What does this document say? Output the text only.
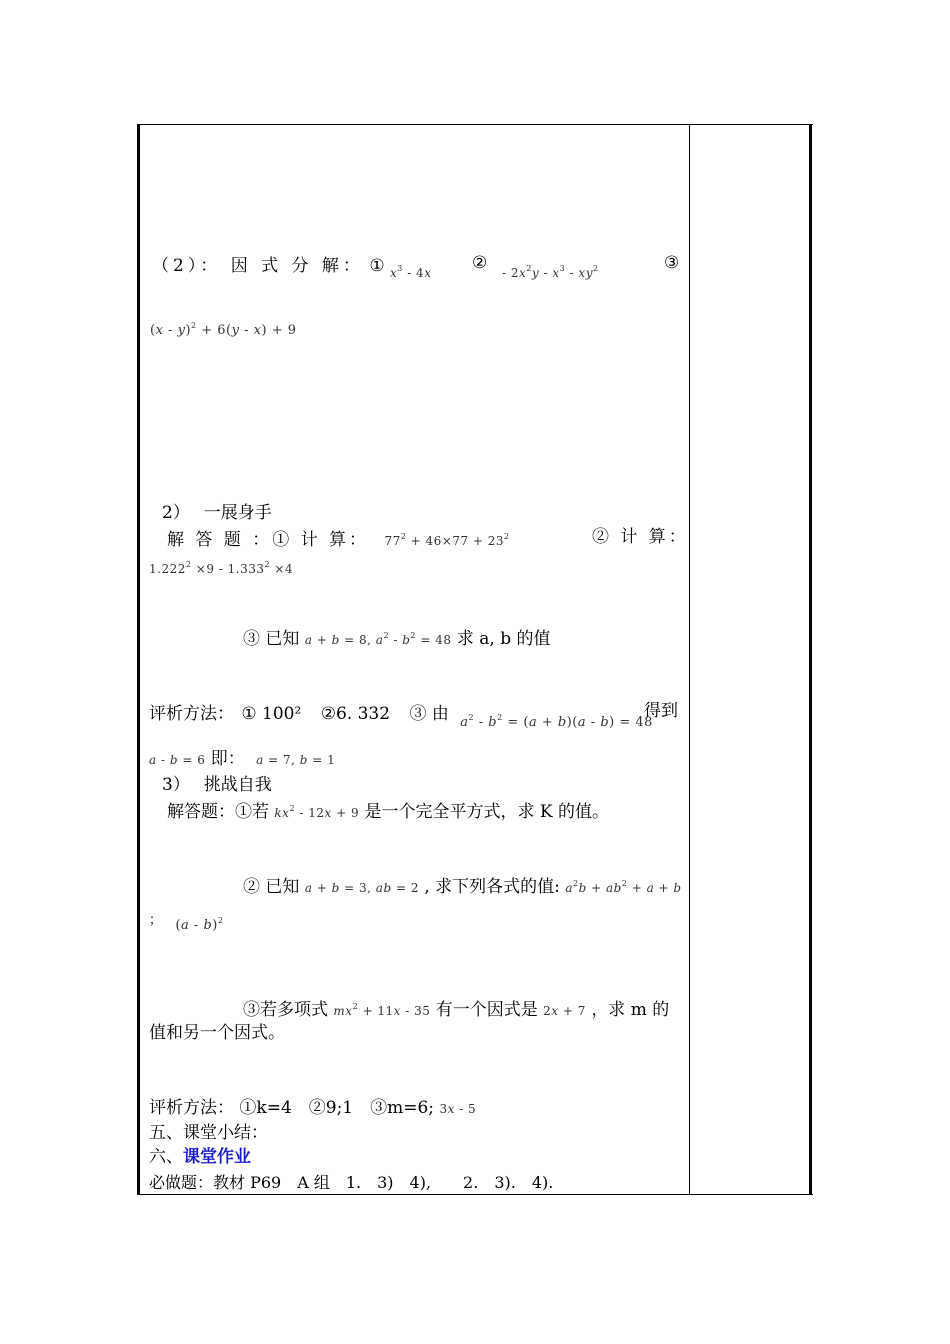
（2）： 因 式 分 解： ① $_{x^3 - 4x}$ ② - $2x^2y - x^3 - xy^2$	③
(x - y)$^2$ + 6(y - x) + 9
2）　 一展身手
解 答 题 ：① 计 算： $77^2 + 46\times 77 + 23^2$	② 计 算：
$1.222^2 \times 9 - 1.333^2 \times 4$
③ 已知 a + b = 8, $a^2 - b^2 = 48$ 求 a, b 的值
评析方法： ① 100² ②6. 332 ③ 由 $_{a^2 - b^2 = (a + b)(a - b) = 48}$
得到
a - b = 6 即： a = 7, b = 1
3）　 挑战自我
解答题：①若 $kx^2 - 12x + 9$ 是一个完全平方式，求 K 的值。
② 已知 a + b = 3, ab = 2 , 求下列各式的值: $a^2b + ab^2 + a + b$
； $_{(a - b)^2}$
③若多项式 $mx^2 + 11x - 35$ 有一个因式是 2x + 7 ，求 m 的
值和另一个因式。
评析方法： ①k=4　②9;1　③m=6; 3x - 5
五、课堂小结：
六、课堂作业
必做题：教材 P69　A 组　1.　3)　4),　　2.　3).　4).
